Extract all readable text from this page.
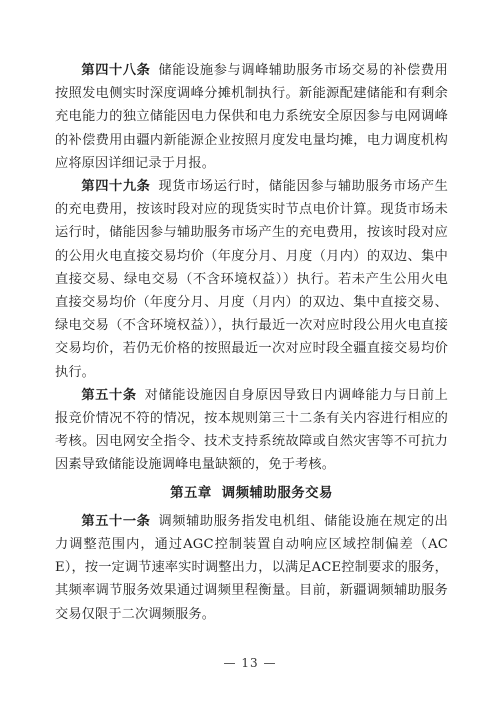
第四十八条 储能设施参与调峰辅助服务市场交易的补偿费用按照发电侧实时深度调峰分摊机制执行。新能源配建储能和有剩余充电能力的独立储能因电力保供和电力系统安全原因参与电网调峰的补偿费用由疆内新能源企业按照月度发电量均摊，电力调度机构应将原因详细记录于月报。

第四十九条 现货市场运行时，储能因参与辅助服务市场产生的充电费用，按该时段对应的现货实时节点电价计算。现货市场未运行时，储能因参与辅助服务市场产生的充电费用，按该时段对应的公用火电直接交易均价（年度分月、月度（月内）的双边、集中直接交易、绿电交易（不含环境权益））执行。若未产生公用火电直接交易均价（年度分月、月度（月内）的双边、集中直接交易、绿电交易（不含环境权益）），执行最近一次对应时段公用火电直接交易均价，若仍无价格的按照最近一次对应时段全疆直接交易均价执行。

第五十条 对储能设施因自身原因导致日内调峰能力与日前上报竞价情况不符的情况，按本规则第三十二条有关内容进行相应的考核。因电网安全指令、技术支持系统故障或自然灾害等不可抗力因素导致储能设施调峰电量缺额的，免于考核。

第五章 调频辅助服务交易

第五十一条 调频辅助服务指发电机组、储能设施在规定的出力调整范围内，通过AGC控制装置自动响应区域控制偏差（ACE），按一定调节速率实时调整出力，以满足ACE控制要求的服务，其频率调节服务效果通过调频里程衡量。目前，新疆调频辅助服务交易仅限于二次调频服务。

— 13 —
